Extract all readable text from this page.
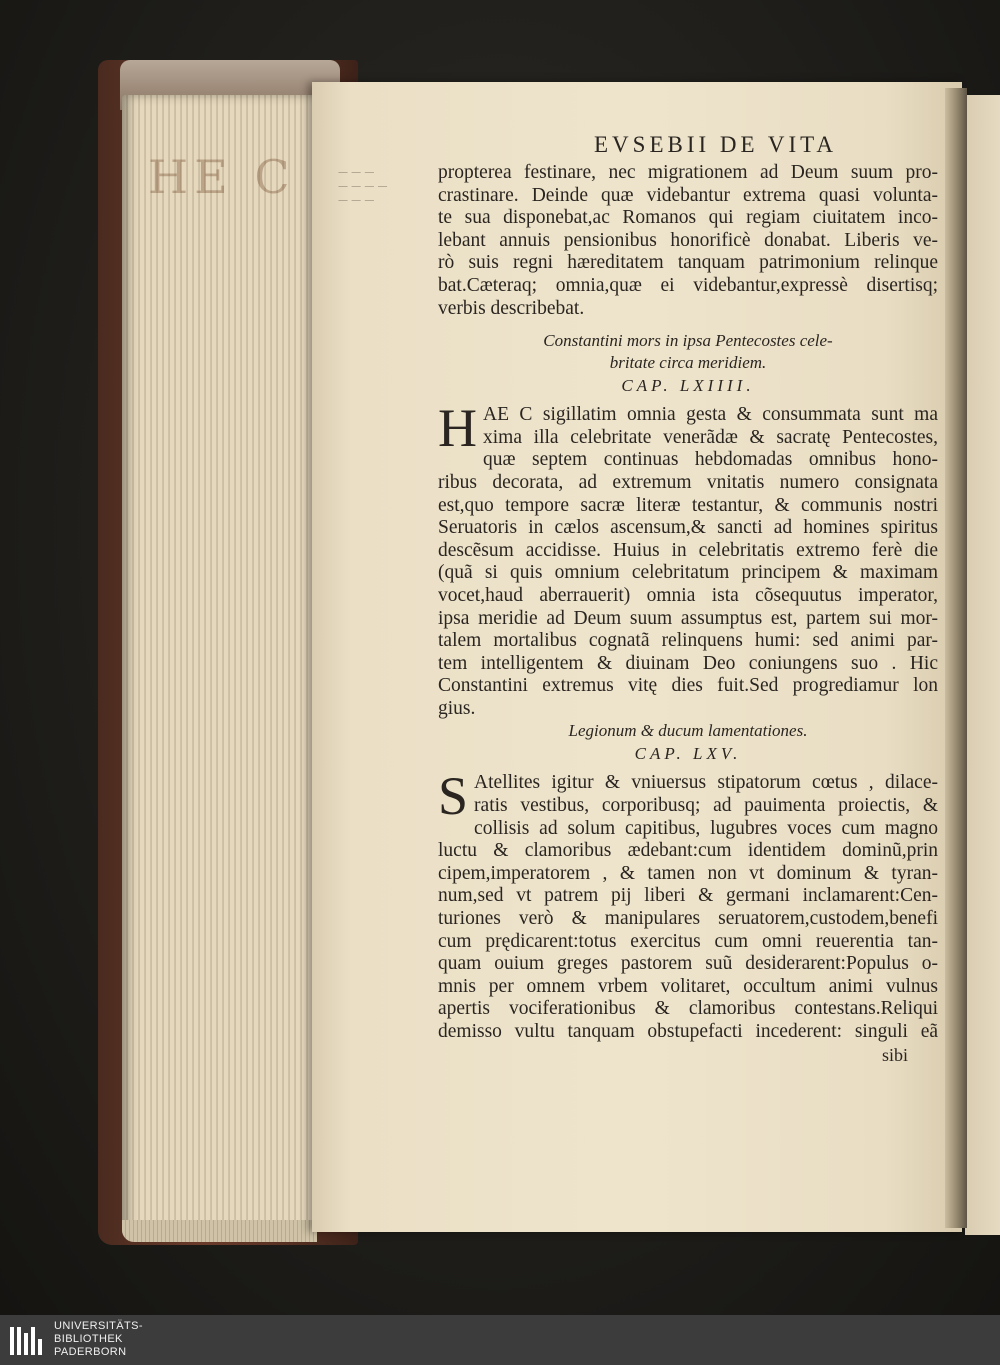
HE C	— — —
— — — —
— — —
EVSEBII DE VITA
propterea festinare, nec migrationem ad Deum suum pro-
crastinare. Deinde quæ videbantur extrema quasi volunta-
te sua disponebat,ac Romanos qui regiam ciuitatem inco-
lebant annuis pensionibus honorificè donabat. Liberis ve-
rò suis regni hæreditatem tanquam patrimonium relinque
bat.Cæteraq; omnia,quæ ei videbantur,expressè disertisq;
verbis describebat.
Constantini mors in ipsa Pentecostes cele-
britate circa meridiem.
CAP. LXIIII.
H AE C sigillatim omnia gesta & consummata sunt ma
xima illa celebritate venerãdæ & sacratę Pentecostes,
quæ septem continuas hebdomadas omnibus hono-
ribus decorata, ad extremum vnitatis numero consignata
est,quo tempore sacræ literæ testantur, & communis nostri
Seruatoris in cælos ascensum,& sancti ad homines spiritus
descẽsum accidisse. Huius in celebritatis extremo ferè die
(quã si quis omnium celebritatum principem & maximam
vocet,haud aberrauerit) omnia ista cõsequutus imperator,
ipsa meridie ad Deum suum assumptus est, partem sui mor-
talem mortalibus cognatã relinquens humi: sed animi par-
tem intelligentem & diuinam Deo coniungens suo . Hic
Constantini extremus vitę dies fuit.Sed progrediamur lon
gius.
Legionum & ducum lamentationes.
CAP. LXV.
S Atellites igitur & vniuersus stipatorum cœtus , dilace-
ratis vestibus, corporibusq; ad pauimenta proiectis, &
collisis ad solum capitibus, lugubres voces cum magno
luctu & clamoribus ædebant:cum identidem dominũ,prin
cipem,imperatorem , & tamen non vt dominum & tyran-
num,sed vt patrem pij liberi & germani inclamarent:Cen-
turiones verò & manipulares seruatorem,custodem,benefi
cum prędicarent:totus exercitus cum omni reuerentia tan-
quam ouium greges pastorem suũ desiderarent:Populus o-
mnis per omnem vrbem volitaret, occultum animi vulnus
apertis vociferationibus & clamoribus contestans.Reliqui
demisso vultu tanquam obstupefacti incederent: singuli eã
sibi
UNIVERSITÄTS-
BIBLIOTHEK
PADERBORN
